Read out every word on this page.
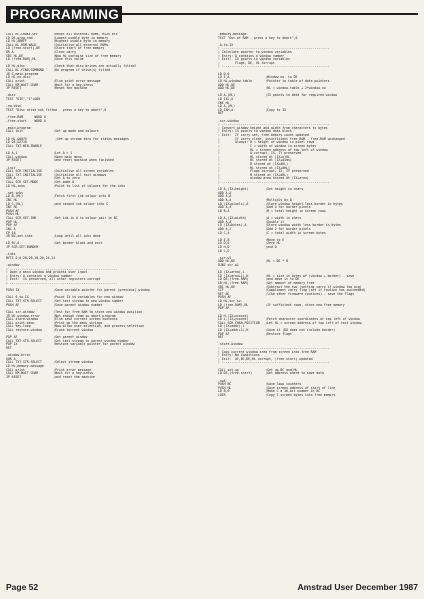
PROGRAMMING
CALL KL.CHOKE.OFF        ;Reset all external ROMs, RSXs etc
LD DE,prog.end           ;Lowest usable byte in memory
LD HL,ABBFF              ;Highest usable byte in memory
CALL KL.ROM.WALK         ;Initialise all external ROMs
LD (free.start),DE       ;Store start of free memory
OR A                     ;Clear carry
SBC HL,DE                ;Now HL contains size of free memory
LD (free.RAM),HL         ;Save this value
LD HL,disc               ;Check that disc drives are actually fitted!
CALL KL.FIND.COMMAND     ;Do program if drive(s) fitted
JR C,main.program
LD HL,no.disc
CALL print               ;Else print error message
CALL KM.WAIT.CHAR        ;Wait for a key-press
JP RESET                 ;Reset the machine
.disc
TEXT "DIS","C"+&80
.no.disc
TEXT "Disc drive not fitted - press a key to abort",0
.free.RAM      WORD 0
.free.start    WORD 0
.main.program
CALL init                ;Set up mode and colours
LD HL,&0075               ;Set up stream zero for status messages
LD DE,&2716
CALL TXT.WIN.ENABLE
LD A,1                   ;Let A = 1
CALL window              ;Open main menu
JP RESET                 ;and reset machine when finished
.init
CALL SCR.INITIALISE      ;Initialise all screen variables
CALL TXT.INITIALISE      ;Initialise all text windows
XOR A                    ;Set A to zero
CALL SCR.SET.MODE        ;Set mode 0
LD HL,inks               ;Point to list of colours for the inks
.set.inks
LD B,(HL)                ;Fetch first ink colour into B
INC HL
LD C,(HL)                ;and second ink colour into C
INC HL
PUSH AF
PUSH HL
CALL SCR.SET.INK         ;Set ink in A to colour pair in BC
POP HL
POP AF
INC A
CP 16
JR NZ,set.inks           ;Loop until all inks done
LD BC,0                  ;Set border black and exit
JP SCR.SET.BORDER
.inks
BYTE 0,0,26,26,20,20,24,24
.window
; ---------------------------------------------------------
; Open a menu window and process user input
; Entry: A contains a window number
; Exit:  IX preserved, all other registers corrupt
; ---------------------------------------------------------
PUSH IX                  ;Save variable pointer for parent (previous) window
CALL 6,to.IX             ;Point IX to variables for new window
CALL TXT.STR.SELECT      ;Set text stream to new window number
PUSH AF                  ;Save parent window number
CALL scr.window          ;Test for free RAM to store new window position
JR NC,window.error       ;Not enough room so abort program
CALL store.window        ;Else save current screen contents
CALL print.menu          ;Print up the menu strings
CALL key.loop            ;Now allow user selection, and process selection
CALL restore.window      ;Erase current window
POP AF                   ;Get parent window
CALL TXT.STR.SELECT      ;Set text stream to parent window number
POP IX                   ;Restore variable pointer for parent window
RET
.window.error
XOR A
CALL TXT.STR.SELECT      ;Select stream window
LD HL,memory.message
CALL print               ;Print error message
CALL KM.WAIT.CHAR        ;Wait for a key-press
JP RESET                 ;and reset the machine
.memory.message
TEXT "Out of RAM - press a key to abort",0
.A.to.IX
; ---------------------------------------------------------
; Calculate pointer to window variables
; Entry: A contains a window number
; Exit:  IX points to window variables
;        Flags, DE, HL corrupt
; ---------------------------------------------------------
LD D,0
LD E,A                   ;Window no. to DE
LD HL,window.table       ;Pointer to table of data pointers
ADD HL,DE
ADD HL,DE                ;HL = window.table + 2*window.no
LD A,(HL)                ;IX points to data for required window
LD IXL,A
INC HL
LD A,(HL)
LD IXH,A                 ;Copy to IX
RET
.scr.window
; ---------------------------------------------------------
; Convert window height and width from characters to bytes
; Entry: IX points to window data block
; Exit:  If carry set, free memory count updated
;        If carry clear, insufficient free RAM - free.RAM unchanged
;        Always: B = height of window in pixel rows
;                C = width of window in screen bytes
;                HL = screen address of top left of window
;                A corrupt, IX, IY preserved
;                HL stored at (IX+n)HL
;                BC stored at (IX+dims)
;                B stored at (IX+dHL)
;                HL stored at (IX+dHL)
;                Flags corrupt, IX, IY preserved
;                B stored at (IX+dHL)
;                window area stored at (IX+area)
; ---------------------------------------------------------
LD A,(IX+height)         ;Get height in chars
ADD A,A
ADD A,A
ADD A,A                  ;Multiply by 8
LD (IX+pixels),A         ;Store window height less border in bytes
ADD A,4                  ;Add 4 for border pixels
LD B,A                   ;B = total height in screen rows
LD A,(IX+width)          ;A = width in chars
ADD A,A                  ;Double it
LD (IX+bytes),A          ;Store window width less border in bytes
ADD A,2                  ;Add 2 for border pixels
LD C,A                   ;C = total width in screen bytes
LD E,B                   ;Move to E
LD D,0                   ;Zero HL
LD H,D                   ;and D
LD L,D
.scr.w1
ADD HL,DE                ;HL = DE * B
DJNZ scr.w1
LD (IX+area),L
LD (IX+area+1),H         ;HL = size in bytes of (window + border) - save
LD DE,(free.RAM)         ;and move it to DE
LD HL,(free.RAM)         ;Get amount of memory free
SBC HL,DE                ;Subtract the two (setting carry if window too big)
CCF                      ;Compliment carry flag (set if routine has succeeded)
RET NC                   ;like other firmware routines) - save the flags
PUSH AF
LD HL,scr.sv.
LD (free.RAM),HL         ;If sufficient room, store new free memory
POP AF
LD H,(IX+xcoord)
LD L,(IX+ycoord)         ;Fetch character coordinates of top left of window
CALL SCR.CHAR.POSITION   ;Let HL = screen address of top left of text window
LD (IX+addr),L
LD (IX+addr+1),H         ;Save it (DO does not include border)
POP AF                   ;Restore flags
RET
.store.window
; ---------------------------------------------------------
; Copy current window area from screen into free RAM
; Entry: No conditions
; Exit:  AF,BC,DE,HL corrupt, (free.start) updated
; ---------------------------------------------------------
CALL set.up              ;Set up BC and HL
LD DE,(free.start)       ;Get address where to save data
.sw1
PUSH BC                  ;Save loop counters
PUSH HL                  ;Save screen address of start of line
LD B,0                   ;Make C a 16-bit number in BC
LDIR                     ;Copy C screen bytes into free memory
Page 52	Amstrad User December 1987
